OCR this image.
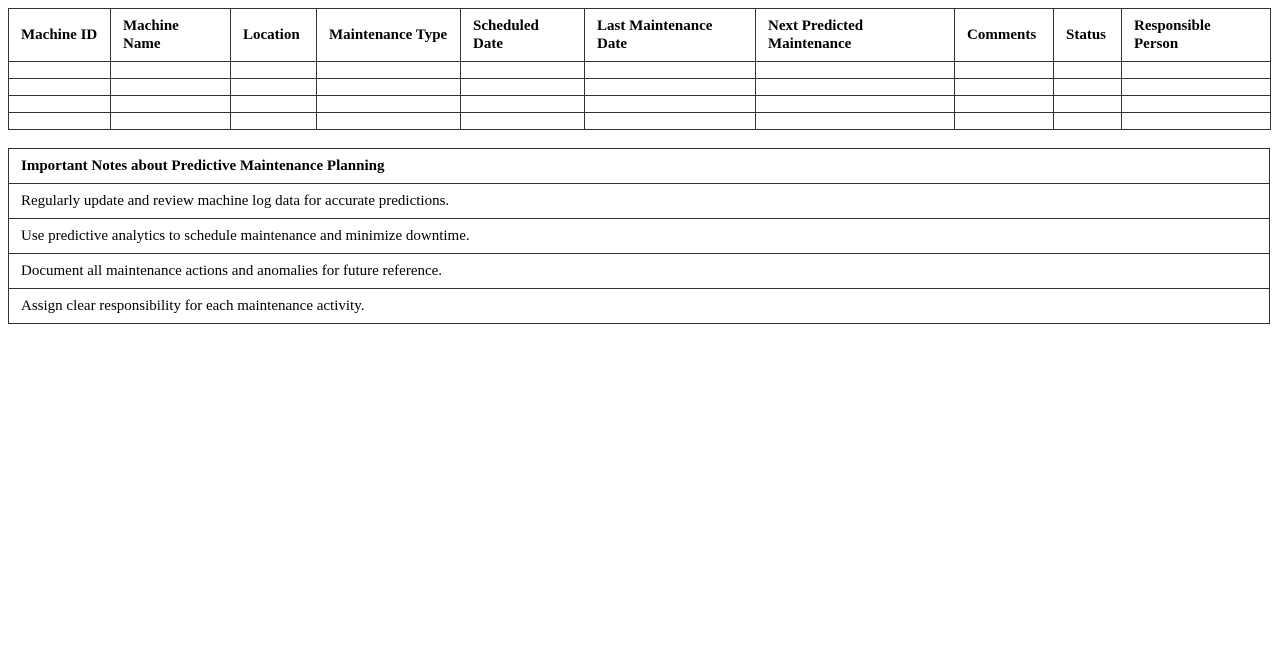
Machine ID	Machine Name	Location	Maintenance Type	Scheduled Date	Last Maintenance Date	Next Predicted Maintenance	Comments	Status	Responsible Person

Important Notes about Predictive Maintenance Planning
Regularly update and review machine log data for accurate predictions.
Use predictive analytics to schedule maintenance and minimize downtime.
Document all maintenance actions and anomalies for future reference.
Assign clear responsibility for each maintenance activity.
